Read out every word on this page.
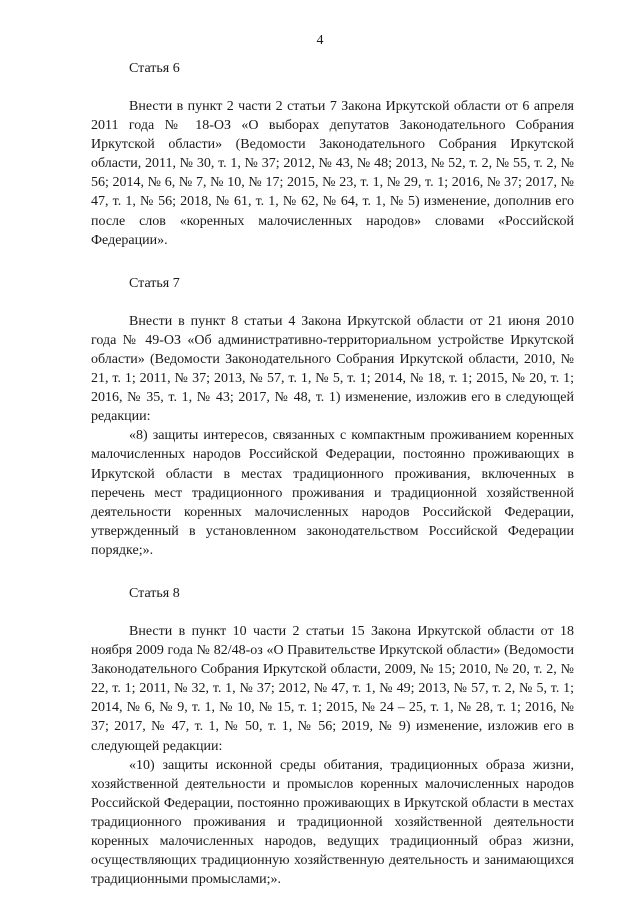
4

Статья 6

Внести в пункт 2 части 2 статьи 7 Закона Иркутской области от 6 апреля 2011 года № 18-ОЗ «О выборах депутатов Законодательного Собрания Иркутской области» (Ведомости Законодательного Собрания Иркутской области, 2011, № 30, т. 1, № 37; 2012, № 43, № 48; 2013, № 52, т. 2, № 55, т. 2, № 56; 2014, № 6, № 7, № 10, № 17; 2015, № 23, т. 1, № 29, т. 1; 2016, № 37; 2017, № 47, т. 1, № 56; 2018, № 61, т. 1, № 62, № 64, т. 1, № 5) изменение, дополнив его после слов «коренных малочисленных народов» словами «Российской Федерации».

Статья 7

Внести в пункт 8 статьи 4 Закона Иркутской области от 21 июня 2010 года № 49-ОЗ «Об административно-территориальном устройстве Иркутской области» (Ведомости Законодательного Собрания Иркутской области, 2010, № 21, т. 1; 2011, № 37; 2013, № 57, т. 1, № 5, т. 1; 2014, № 18, т. 1; 2015, № 20, т. 1; 2016, № 35, т. 1, № 43; 2017, № 48, т. 1) изменение, изложив его в следующей редакции:

«8) защиты интересов, связанных с компактным проживанием коренных малочисленных народов Российской Федерации, постоянно проживающих в Иркутской области в местах традиционного проживания, включенных в перечень мест традиционного проживания и традиционной хозяйственной деятельности коренных малочисленных народов Российской Федерации, утвержденный в установленном законодательством Российской Федерации порядке;».

Статья 8

Внести в пункт 10 части 2 статьи 15 Закона Иркутской области от 18 ноября 2009 года № 82/48-оз «О Правительстве Иркутской области» (Ведомости Законодательного Собрания Иркутской области, 2009, № 15; 2010, № 20, т. 2, № 22, т. 1; 2011, № 32, т. 1, № 37; 2012, № 47, т. 1, № 49; 2013, № 57, т. 2, № 5, т. 1; 2014, № 6, № 9, т. 1, № 10, № 15, т. 1; 2015, № 24 – 25, т. 1, № 28, т. 1; 2016, № 37; 2017, № 47, т. 1, № 50, т. 1, № 56; 2019, № 9) изменение, изложив его в следующей редакции:

«10) защиты исконной среды обитания, традиционных образа жизни, хозяйственной деятельности и промыслов коренных малочисленных народов Российской Федерации, постоянно проживающих в Иркутской области в местах традиционного проживания и традиционной хозяйственной деятельности коренных малочисленных народов, ведущих традиционный образ жизни, осуществляющих традиционную хозяйственную деятельность и занимающихся традиционными промыслами;».
